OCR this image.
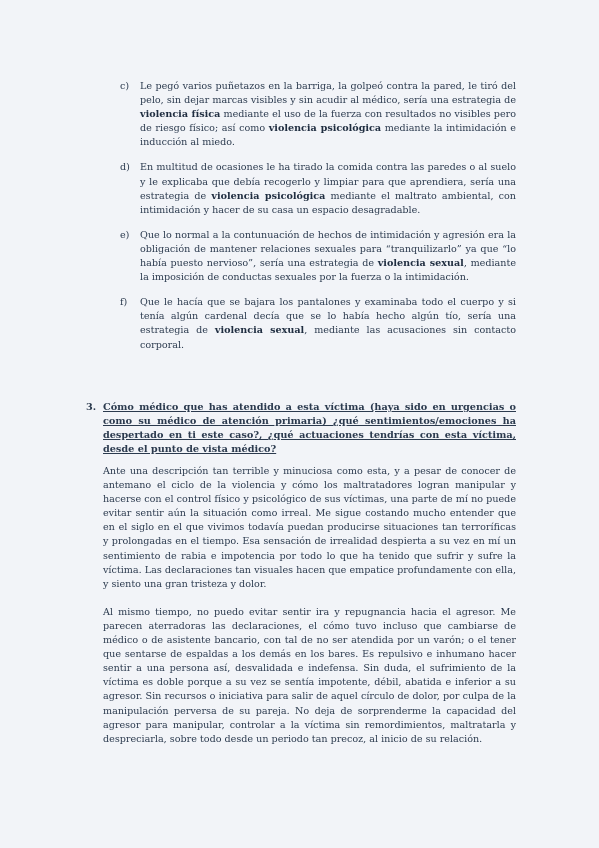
c)	Le pegó varios puñetazos en la barriga, la golpeó contra la pared, le tiró del pelo, sin dejar marcas visibles y sin acudir al médico, sería una estrategia de violencia física mediante el uso de la fuerza con resultados no visibles pero de riesgo físico; así como violencia psicológica mediante la intimidación e inducción al miedo.
d)	En multitud de ocasiones le ha tirado la comida contra las paredes o al suelo y le explicaba que debía recogerlo y limpiar para que aprendiera, sería una estrategia de violencia psicológica mediante el maltrato ambiental, con intimidación y hacer de su casa un espacio desagradable.
e)	Que lo normal a la contunuación de hechos de intimidación y agresión era la obligación de mantener relaciones sexuales para “tranquilizarlo” ya que “lo había puesto nervioso”, sería una estrategia de violencia sexual, mediante la imposición de conductas sexuales por la fuerza o la intimidación.
f)	Que le hacía que se bajara los pantalones y examinaba todo el cuerpo y si tenía algún cardenal decía que se lo había hecho algún tío, sería una estrategia de violencia sexual, mediante las acusaciones sin contacto corporal.
3. Cómo médico que has atendido a esta víctima (haya sido en urgencias o como su médico de atención primaria) ¿qué sentimientos/emociones ha despertado en ti este caso?, ¿qué actuaciones tendrías con esta víctima, desde el punto de vista médico?

Ante una descripción tan terrible y minuciosa como esta, y a pesar de conocer de antemano el ciclo de la violencia y cómo los maltratadores logran manipular y hacerse con el control físico y psicológico de sus víctimas, una parte de mí no puede evitar sentir aún la situación como irreal. Me sigue costando mucho entender que en el siglo en el que vivimos todavía puedan producirse situaciones tan terroríficas y prolongadas en el tiempo. Esa sensación de irrealidad despierta a su vez en mí un sentimiento de rabia e impotencia por todo lo que ha tenido que sufrir y sufre la víctima. Las declaraciones tan visuales hacen que empatice profundamente con ella, y siento una gran tristeza y dolor.

Al mismo tiempo, no puedo evitar sentir ira y repugnancia hacia el agresor. Me parecen aterradoras las declaraciones, el cómo tuvo incluso que cambiarse de médico o de asistente bancario, con tal de no ser atendida por un varón; o el tener que sentarse de espaldas a los demás en los bares. Es repulsivo e inhumano hacer sentir a una persona así, desvalidada e indefensa. Sin duda, el sufrimiento de la víctima es doble porque a su vez se sentía impotente, débil, abatida e inferior a su agresor. Sin recursos o iniciativa para salir de aquel círculo de dolor, por culpa de la manipulación perversa de su pareja. No deja de sorprenderme la capacidad del agresor para manipular, controlar a la víctima sin remordimientos, maltratarla y despreciarla, sobre todo desde un periodo tan precoz, al inicio de su relación.
